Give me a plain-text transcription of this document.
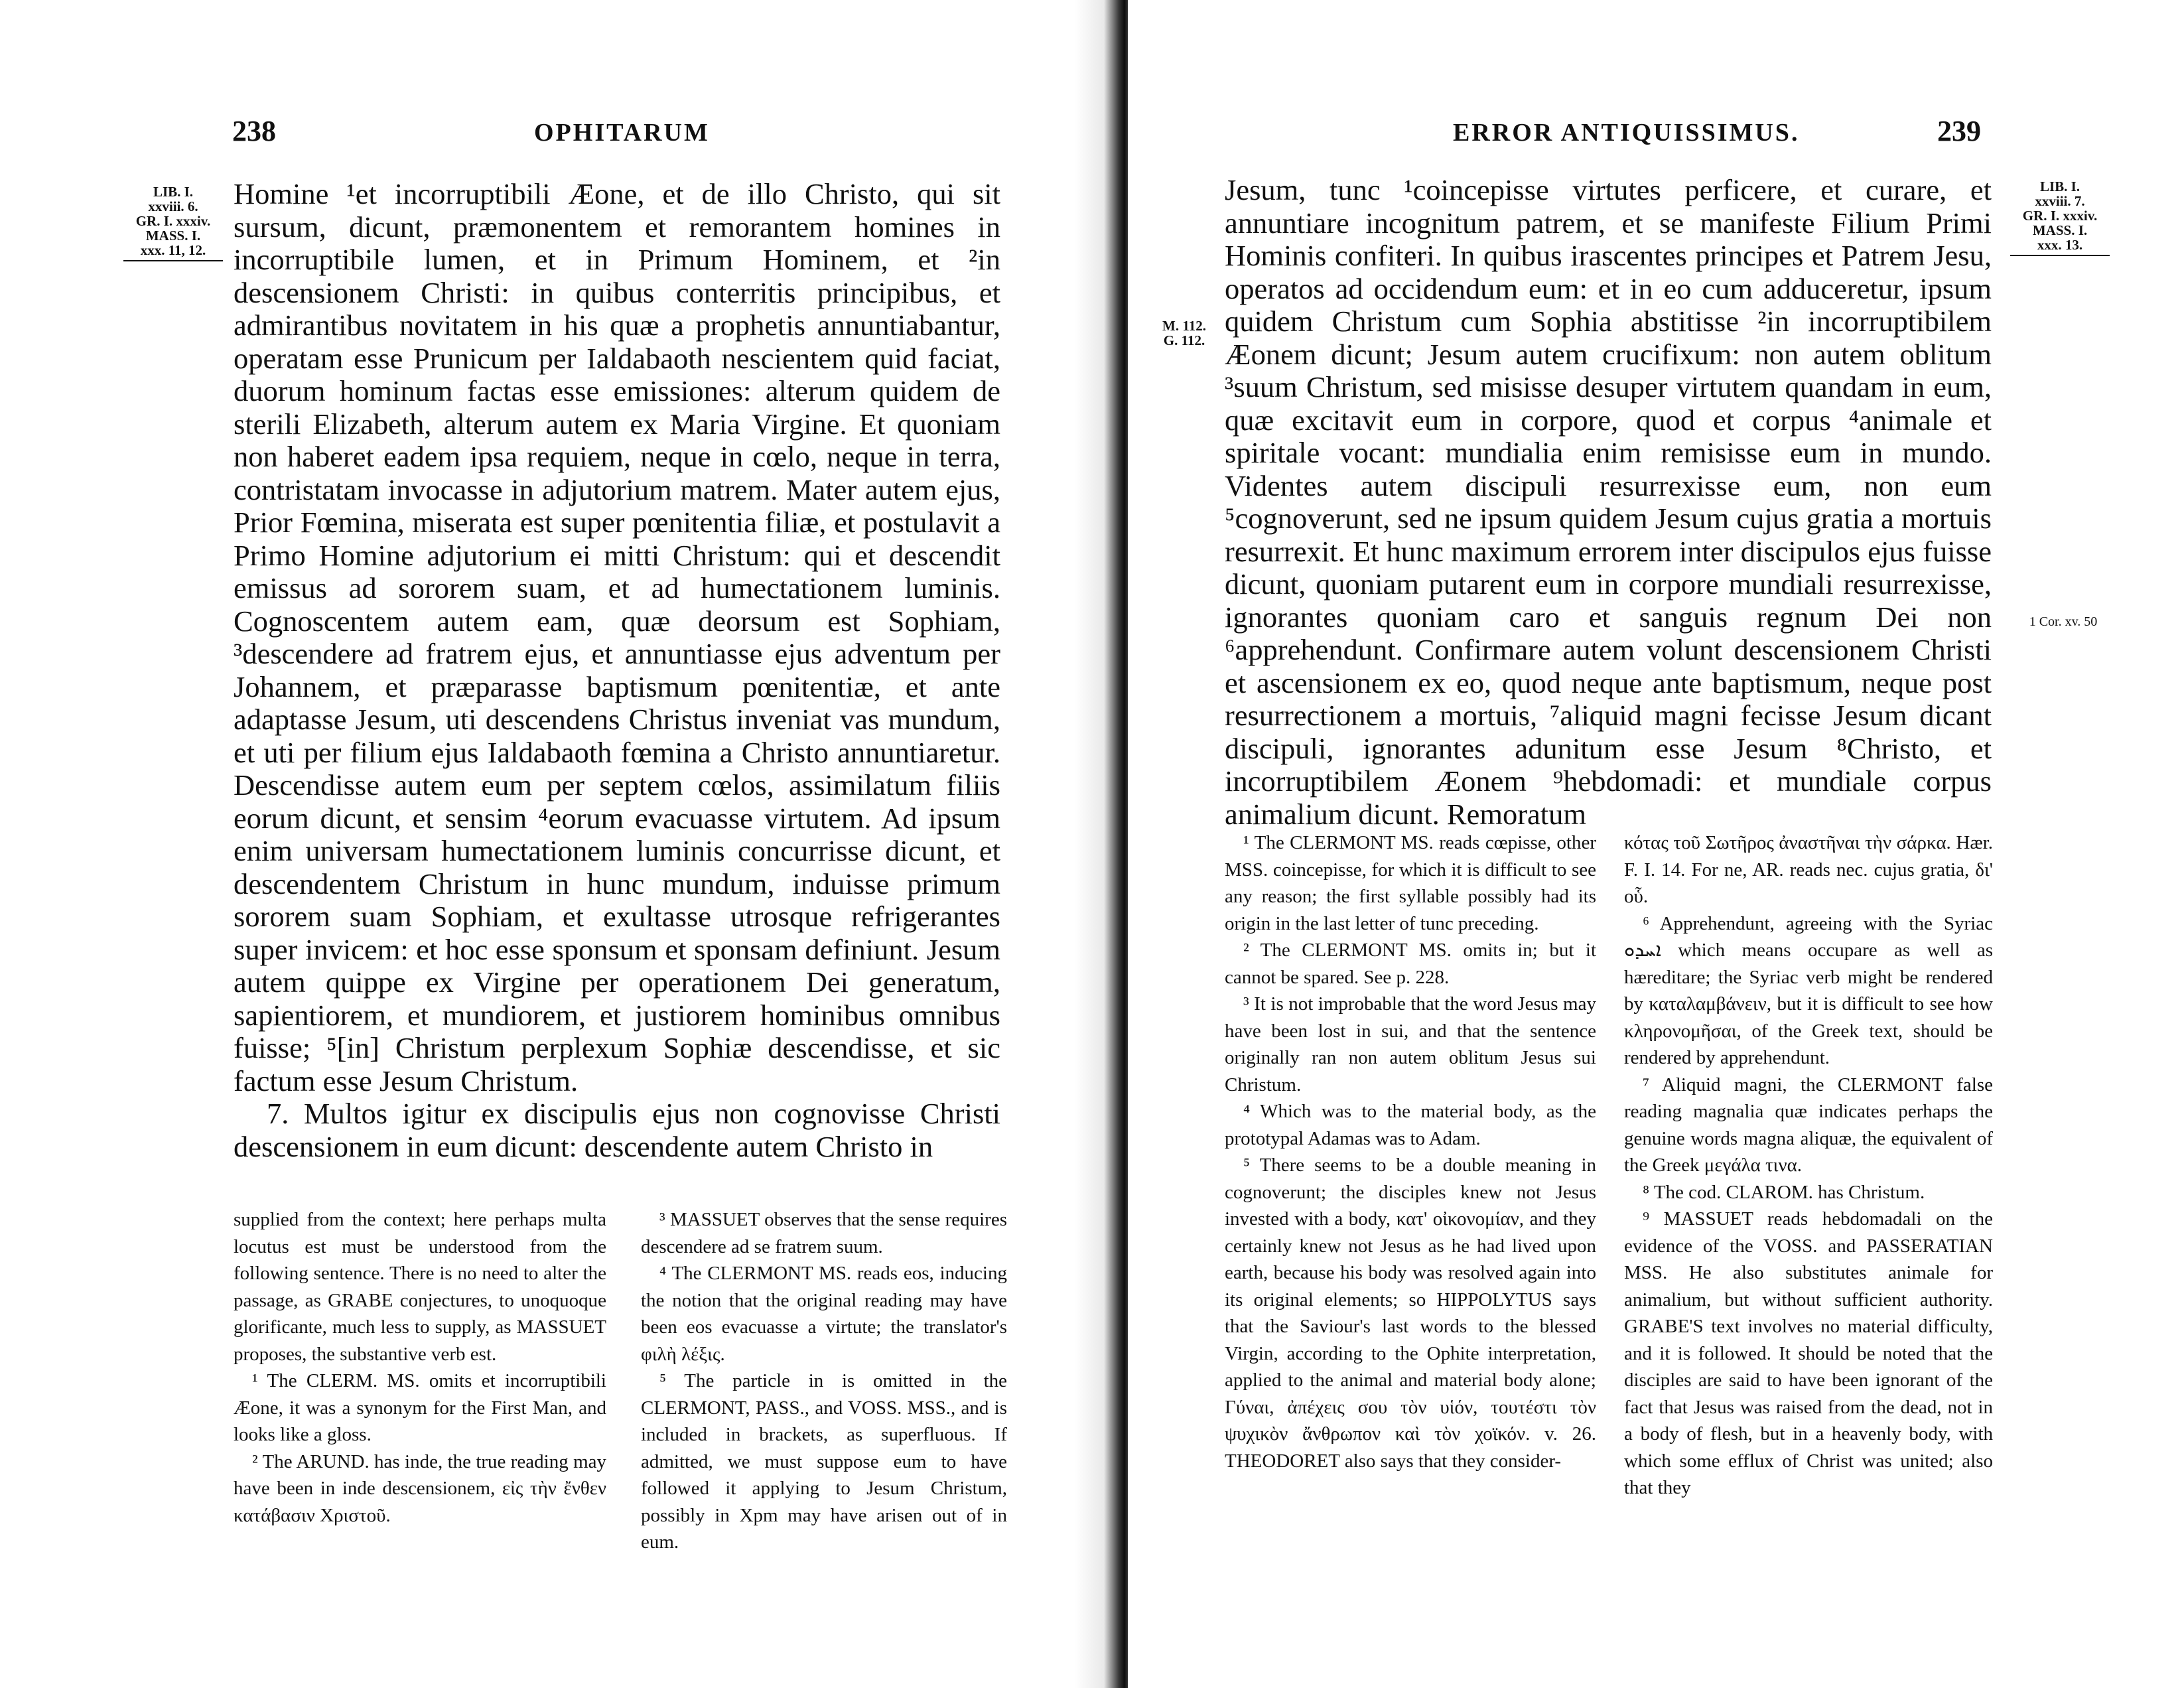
238	OPHITARUM
LIB. I.
xxviii. 6.
GR. I. xxxiv.
MASS. I.
xxx. 11, 12.

Homine ¹et incorruptibili Æone, et de illo Christo, qui sit sursum, dicunt, præmonentem et remorantem homines in incorruptibile lumen, et in Primum Hominem, et ²in descensionem Christi: in quibus conterritis principibus, et admirantibus novitatem in his quæ a prophetis annuntiabantur, operatam esse Prunicum per Ialdabaoth nescientem quid faciat, duorum hominum factas esse emissiones: alterum quidem de sterili Elizabeth, alterum autem ex Maria Virgine. Et quoniam non haberet eadem ipsa requiem, neque in cœlo, neque in terra, contristatam invocasse in adjutorium matrem. Mater autem ejus, Prior Fœmina, miserata est super pœnitentia filiæ, et postulavit a Primo Homine adjutorium ei mitti Christum: qui et descendit emissus ad sororem suam, et ad humectationem luminis. Cognoscentem autem eam, quæ deorsum est Sophiam, ³descendere ad fratrem ejus, et annuntiasse ejus adventum per Johannem, et præparasse baptismum pœnitentiæ, et ante adaptasse Jesum, uti descendens Christus inveniat vas mundum, et uti per filium ejus Ialdabaoth fœmina a Christo annuntiaretur. Descendisse autem eum per septem cœlos, assimilatum filiis eorum dicunt, et sensim ⁴eorum evacuasse virtutem. Ad ipsum enim universam humectationem luminis concurrisse dicunt, et descendentem Christum in hunc mundum, induisse primum sororem suam Sophiam, et exultasse utrosque refrigerantes super invicem: et hoc esse sponsum et sponsam definiunt. Jesum autem quippe ex Virgine per operationem Dei generatum, sapientiorem, et mundiorem, et justiorem hominibus omnibus fuisse; ⁵[in] Christum perplexum Sophiæ descendisse, et sic factum esse Jesum Christum.

7. Multos igitur ex discipulis ejus non cognovisse Christi descensionem in eum dicunt: descendente autem Christo in

supplied from the context; here perhaps multa locutus est must be understood from the following sentence. There is no need to alter the passage, as GRABE conjectures, to unoquoque glorificante, much less to supply, as MASSUET proposes, the substantive verb est.

¹ The CLERM. MS. omits et incorruptibili Æone, it was a synonym for the First Man, and looks like a gloss.

² The ARUND. has inde, the true reading may have been in inde descensionem, εἰς τὴν ἔνθεν κατάβασιν Χριστοῦ.

³ MASSUET observes that the sense requires descendere ad se fratrem suum.

⁴ The CLERMONT MS. reads eos, inducing the notion that the original reading may have been eos evacuasse a virtute; the translator's φιλὴ λέξις.

⁵ The particle in is omitted in the CLERMONT, PASS., and VOSS. MSS., and is included in brackets, as superfluous. If admitted, we must suppose eum to have followed it applying to Jesum Christum, possibly in Xpm may have arisen out of in eum.

ERROR ANTIQUISSIMUS.	239
LIB. I.
xxviii. 7.
GR. I. xxxiv.
MASS. I.
xxx. 13.
M. 112.
G. 112.
1 Cor. xv. 50

Jesum, tunc ¹coincepisse virtutes perficere, et curare, et annuntiare incognitum patrem, et se manifeste Filium Primi Hominis confiteri. In quibus irascentes principes et Patrem Jesu, operatos ad occidendum eum: et in eo cum adduceretur, ipsum quidem Christum cum Sophia abstitisse ²in incorruptibilem Æonem dicunt; Jesum autem crucifixum: non autem oblitum ³suum Christum, sed misisse desuper virtutem quandam in eum, quæ excitavit eum in corpore, quod et corpus ⁴animale et spiritale vocant: mundialia enim remisisse eum in mundo. Videntes autem discipuli resurrexisse eum, non eum ⁵cognoverunt, sed ne ipsum quidem Jesum cujus gratia a mortuis resurrexit. Et hunc maximum errorem inter discipulos ejus fuisse dicunt, quoniam putarent eum in corpore mundiali resurrexisse, ignorantes quoniam caro et sanguis regnum Dei non ⁶apprehendunt. Confirmare autem volunt descensionem Christi et ascensionem ex eo, quod neque ante baptismum, neque post resurrectionem a mortuis, ⁷aliquid magni fecisse Jesum dicant discipuli, ignorantes adunitum esse Jesum ⁸Christo, et incorruptibilem Æonem ⁹hebdomadi: et mundiale corpus animalium dicunt. Remoratum

¹ The CLERMONT MS. reads cœpisse, other MSS. coincepisse, for which it is difficult to see any reason; the first syllable possibly had its origin in the last letter of tunc preceding.

² The CLERMONT MS. omits in; but it cannot be spared. See p. 228.

³ It is not improbable that the word Jesus may have been lost in sui, and that the sentence originally ran non autem oblitum Jesus sui Christum.

⁴ Which was to the material body, as the prototypal Adamas was to Adam.

⁵ There seems to be a double meaning in cognoverunt; the disciples knew not Jesus invested with a body, κατ' οἰκονομίαν, and they certainly knew not Jesus as he had lived upon earth, because his body was resolved again into its original elements; so HIPPOLYTUS says that the Saviour's last words to the blessed Virgin, according to the Ophite interpretation, applied to the animal and material body alone; Γύναι, ἀπέχεις σου τὸν υἱόν, τουτέστι τὸν ψυχικὸν ἄνθρωπον καὶ τὸν χοϊκόν. v. 26. THEODORET also says that they consider-

κότας τοῦ Σωτῆρος ἀναστῆναι τὴν σάρκα. Hær. F. I. 14. For ne, AR. reads nec. cujus gratia, δι' οὗ.

⁶ Apprehendunt, agreeing with the Syriac ܐܚܕܘ which means occupare as well as hæreditare; the Syriac verb might be rendered by καταλαμβάνειν, but it is difficult to see how κληρονομῆσαι, of the Greek text, should be rendered by apprehendunt.

⁷ Aliquid magni, the CLERMONT false reading magnalia quæ indicates perhaps the genuine words magna aliquæ, the equivalent of the Greek μεγάλα τινα.

⁸ The cod. CLAROM. has Christum.

⁹ MASSUET reads hebdomadali on the evidence of the VOSS. and PASSERATIAN MSS. He also substitutes animale for animalium, but without sufficient authority. GRABE'S text involves no material difficulty, and it is followed. It should be noted that the disciples are said to have been ignorant of the fact that Jesus was raised from the dead, not in a body of flesh, but in a heavenly body, with which some efflux of Christ was united; also that they
